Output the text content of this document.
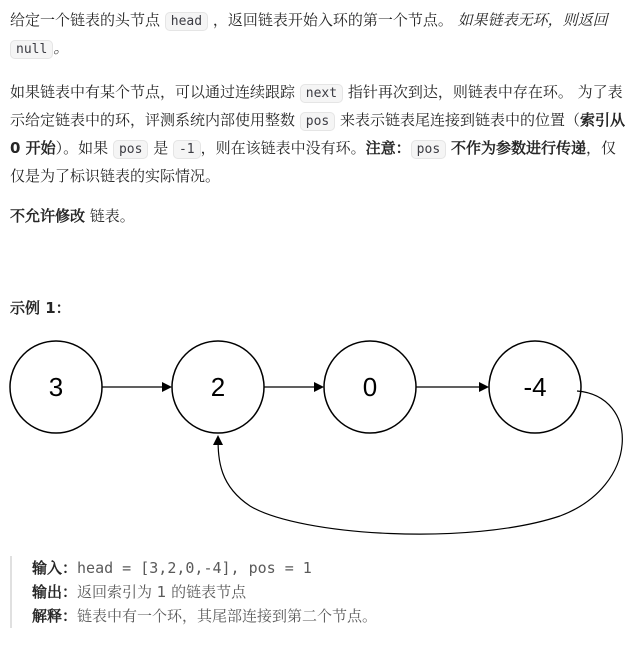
给定一个链表的头节点 head ，返回链表开始入环的第一个节点。 如果链表无环，则返回 null 。

如果链表中有某个节点，可以通过连续跟踪 next 指针再次到达，则链表中存在环。 为了表示给定链表中的环，评测系统内部使用整数 pos 来表示链表尾连接到链表中的位置（索引从 0 开始）。如果 pos 是 -1 ，则在该链表中没有环。注意： pos 不作为参数进行传递，仅仅是为了标识链表的实际情况。

不允许修改 链表。

示例 1：

3	2	0	-4
输入：head = [3,2,0,-4], pos = 1
输出：返回索引为 1 的链表节点
解释：链表中有一个环，其尾部连接到第二个节点。
